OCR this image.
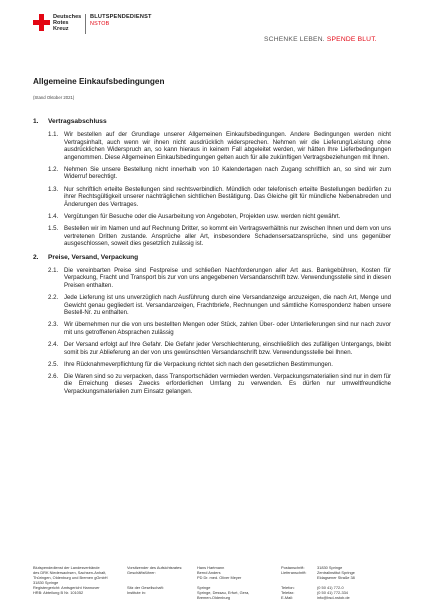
Deutsches
Rotes
Kreuz
BLUTSPENDEDIENST
NSTOB
SCHENKE LEBEN. SPENDE BLUT.
Allgemeine Einkaufsbedingungen
(Stand Oktober 2021)
1.	Vertragsabschluss
1.1. Wir bestellen auf der Grundlage unserer Allgemeinen Einkaufsbedingungen. Andere Bedingungen werden nicht Vertragsinhalt, auch wenn wir ihnen nicht ausdrücklich widersprechen. Nehmen wir die Lieferung/Leistung ohne ausdrücklichen Widerspruch an, so kann hieraus in keinem Fall abgeleitet werden, wir hätten Ihre Lieferbedingungen angenommen. Diese Allgemeinen Einkaufsbedingungen gelten auch für alle zukünftigen Vertragsbeziehungen mit Ihnen.
1.2. Nehmen Sie unsere Bestellung nicht innerhalb von 10 Kalendertagen nach Zugang schriftlich an, so sind wir zum Widerruf berechtigt.
1.3. Nur schriftlich erteilte Bestellungen sind rechtsverbindlich. Mündlich oder telefonisch erteilte Bestellungen bedürfen zu ihrer Rechtsgültigkeit unserer nachträglichen sichtlichen Bestätigung. Das Gleiche gilt für mündliche Nebenabreden und Änderungen des Vertrages.
1.4. Vergütungen für Besuche oder die Ausarbeitung von Angeboten, Projekten usw. werden nicht gewährt.
1.5. Bestellen wir im Namen und auf Rechnung Dritter, so kommt ein Vertragsverhältnis nur zwischen Ihnen und dem von uns vertretenen Dritten zustande. Ansprüche aller Art, insbesondere Schadensersatzansprüche, sind uns gegenüber ausgeschlossen, soweit dies gesetzlich zulässig ist.
2.	Preise, Versand, Verpackung
2.1. Die vereinbarten Preise sind Festpreise und schließen Nachforderungen aller Art aus. Bankgebühren, Kosten für Verpackung, Fracht und Transport bis zur von uns angegebenen Versandanschrift bzw. Verwendungsstelle sind in diesen Preisen enthalten.
2.2. Jede Lieferung ist uns unverzüglich nach Ausführung durch eine Versandanzeige anzuzeigen, die nach Art, Menge und Gewicht genau gegliedert ist. Versandanzeigen, Frachtbriefe, Rechnungen und sämtliche Korrespondenz haben unsere Bestell-Nr. zu enthalten.
2.3. Wir übernehmen nur die von uns bestellten Mengen oder Stück, zahlen Über- oder Unterlieferungen sind nur nach zuvor mit uns getroffenen Absprachen zulässig
2.4. Der Versand erfolgt auf Ihre Gefahr. Die Gefahr jeder Verschlechterung, einschließlich des zufälligen Untergangs, bleibt somit bis zur Ablieferung an der von uns gewünschten Versandanschrift bzw. Verwendungsstelle bei Ihnen.
2.5. Ihre Rücknahmeverpflichtung für die Verpackung richtet sich nach den gesetzlichen Bestimmungen.
2.6. Die Waren sind so zu verpacken, dass Transportschäden vermieden werden. Verpackungsmaterialien sind nur in dem für die Erreichung dieses Zwecks erforderlichen Umfang zu verwenden. Es dürfen nur umweltfreundliche Verpackungsmaterialien zum Einsatz gelangen.
Blutspendedienst der Landesverbände
des DRK Niedersachsen, Sachsen-Anhalt,
Thüringen, Oldenburg und Bremen gGmbH
31830 Springe
Registergericht: Amtsgericht Hannover
HRB: Abteilung B Nr. 101052
Vorsitzender des Aufsichtsrates:
Geschäftsführer:

Sitz der Gesellschaft:
Institute in:
Hans Hartmann
Bernd Anders
PD Dr. med. Oliver Meyer

Springe
Springe, Dessau, Erfurt, Gera,
Bremen-Oldenburg
Postanschrift:	31830 Springe
Lieferanschrift:	Zentralinstitut Springe
Eldagsener Straße 38

Telefon:	(0 50 41) 772-0
Telefax:	(0 50 41) 772-334
E-Mail:	info@bsd-nstob.de
